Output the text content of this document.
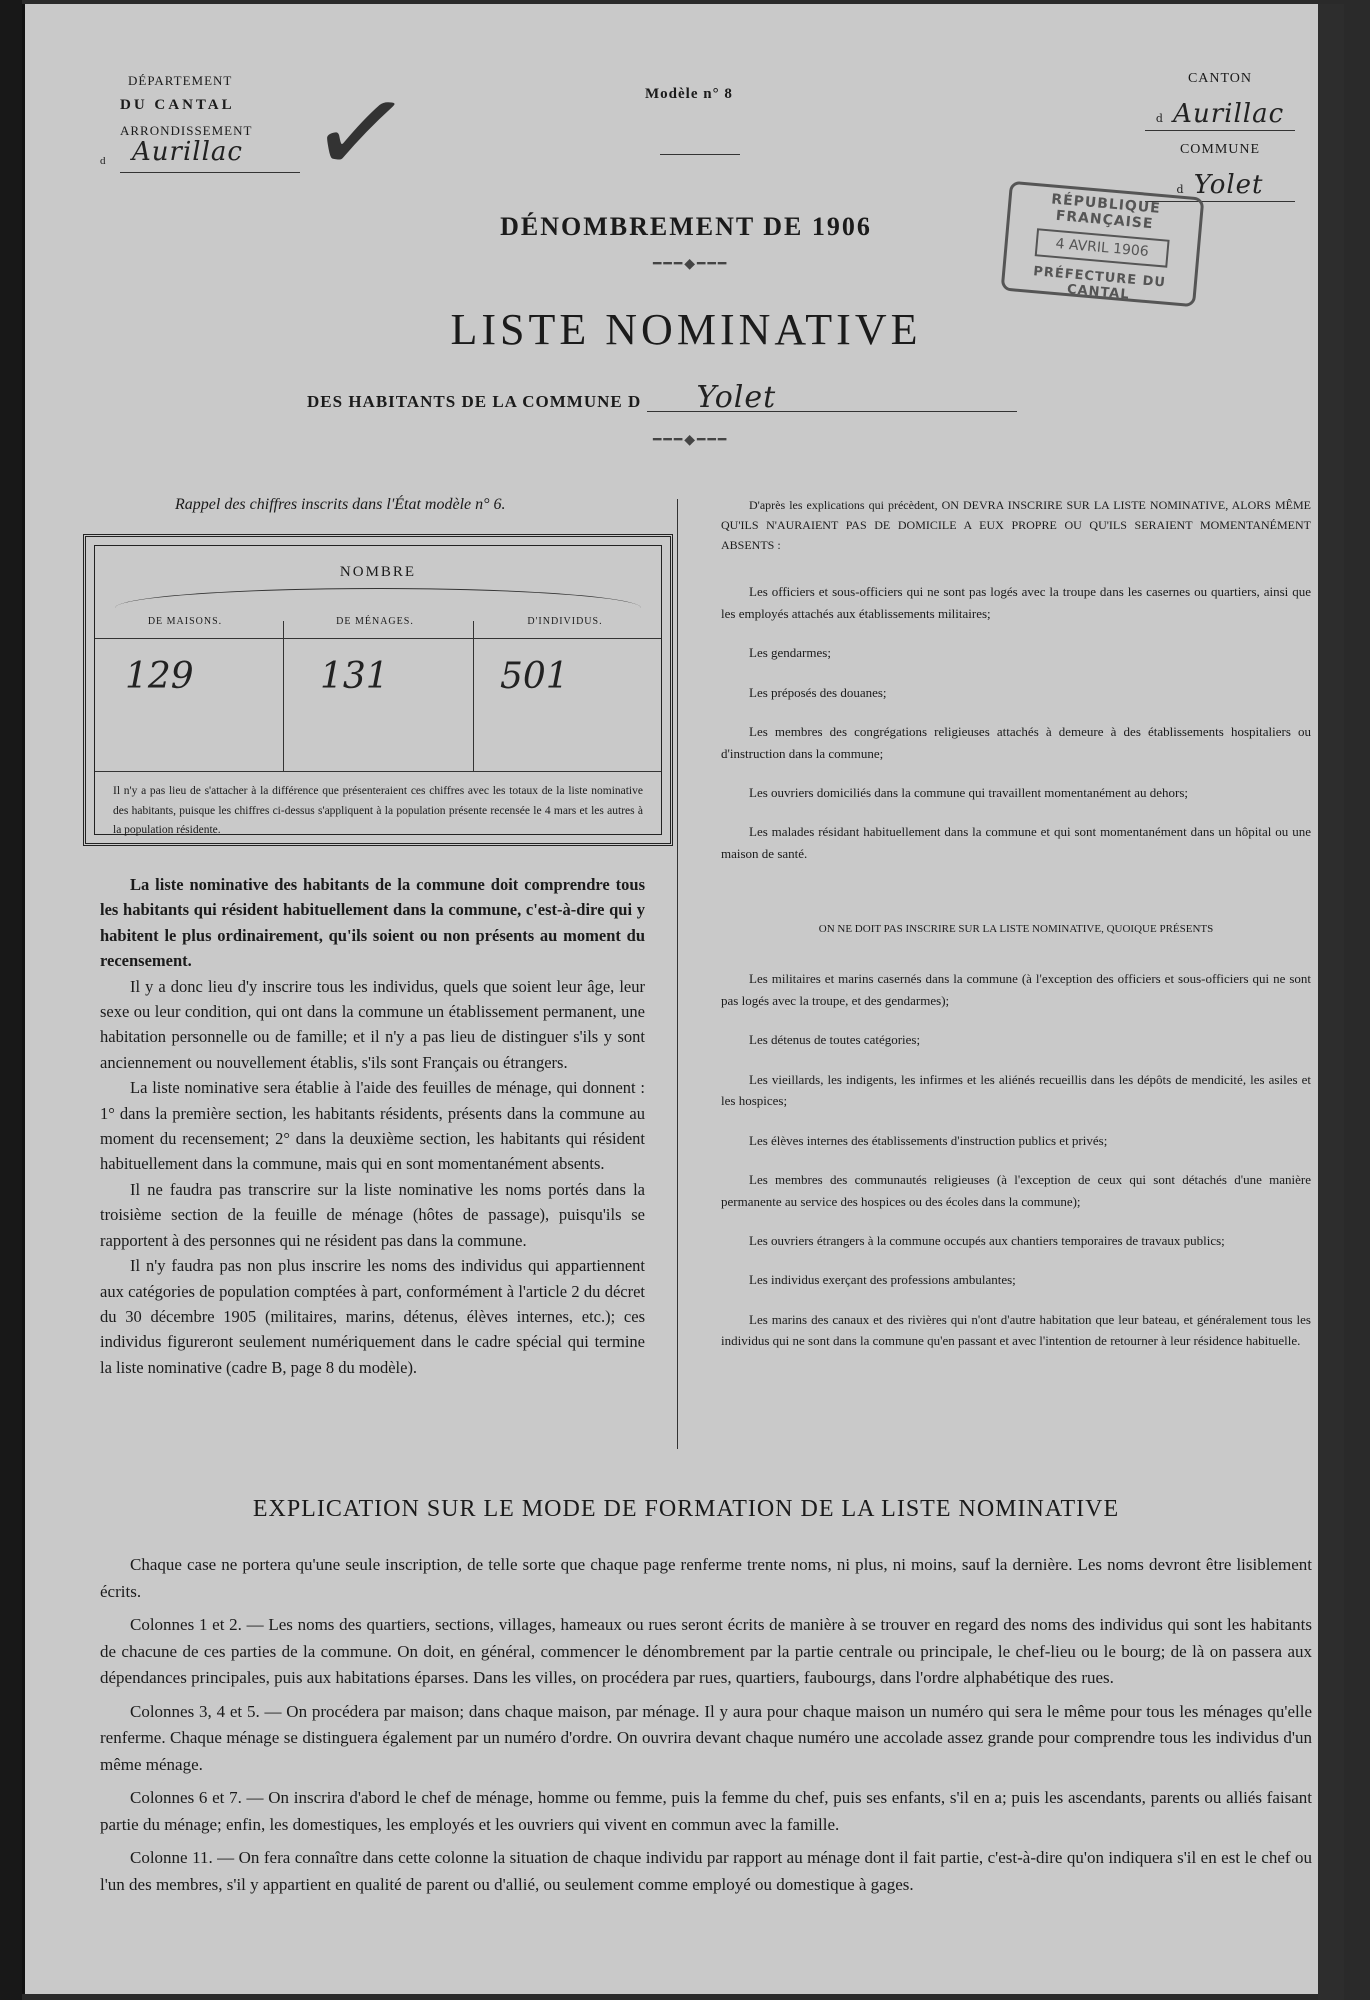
DÉPARTEMENT
DU CANTAL
ARRONDISSEMENT
d Aurillac ✓	Modèle n° 8
CANTON
d Aurillac
COMMUNE
d Yolet
RÉPUBLIQUE FRANÇAISE
4 AVRIL 1906
PRÉFECTURE DU CANTAL
DÉNOMBREMENT DE 1906
━━━◆━━━
LISTE NOMINATIVE
DES HABITANTS DE LA COMMUNE D Yolet
━━━◆━━━
Rappel des chiffres inscrits dans l'État modèle n° 6.
NOMBRE
DE MAISONS.	DE MÉNAGES.	D'INDIVIDUS.
129	131	501
Il n'y a pas lieu de s'attacher à la différence que présenteraient ces chiffres avec les totaux de la liste nominative des habitants, puisque les chiffres ci-dessus s'appliquent à la population présente recensée le 4 mars et les autres à la population résidente.

La liste nominative des habitants de la commune doit comprendre tous les habitants qui résident habituellement dans la commune, c'est-à-dire qui y habitent le plus ordinairement, qu'ils soient ou non présents au moment du recensement.

Il y a donc lieu d'y inscrire tous les individus, quels que soient leur âge, leur sexe ou leur condition, qui ont dans la commune un établissement permanent, une habitation personnelle ou de famille; et il n'y a pas lieu de distinguer s'ils y sont anciennement ou nouvellement établis, s'ils sont Français ou étrangers.

La liste nominative sera établie à l'aide des feuilles de ménage, qui donnent : 1° dans la première section, les habitants résidents, présents dans la commune au moment du recensement; 2° dans la deuxième section, les habitants qui résident habituellement dans la commune, mais qui en sont momentanément absents.

Il ne faudra pas transcrire sur la liste nominative les noms portés dans la troisième section de la feuille de ménage (hôtes de passage), puisqu'ils se rapportent à des personnes qui ne résident pas dans la commune.

Il n'y faudra pas non plus inscrire les noms des individus qui appartiennent aux catégories de population comptées à part, conformément à l'article 2 du décret du 30 décembre 1905 (militaires, marins, détenus, élèves internes, etc.); ces individus figureront seulement numériquement dans le cadre spécial qui termine la liste nominative (cadre B, page 8 du modèle).

D'après les explications qui précèdent, ON DEVRA INSCRIRE SUR LA LISTE NOMINATIVE, ALORS MÊME QU'ILS N'AURAIENT PAS DE DOMICILE A EUX PROPRE OU QU'ILS SERAIENT MOMENTANÉMENT ABSENTS :

Les officiers et sous-officiers qui ne sont pas logés avec la troupe dans les casernes ou quartiers, ainsi que les employés attachés aux établissements militaires;

Les gendarmes;

Les préposés des douanes;

Les membres des congrégations religieuses attachés à demeure à des établissements hospitaliers ou d'instruction dans la commune;

Les ouvriers domiciliés dans la commune qui travaillent momentanément au dehors;

Les malades résidant habituellement dans la commune et qui sont momentanément dans un hôpital ou une maison de santé.

ON NE DOIT PAS INSCRIRE SUR LA LISTE NOMINATIVE, QUOIQUE PRÉSENTS

Les militaires et marins casernés dans la commune (à l'exception des officiers et sous-officiers qui ne sont pas logés avec la troupe, et des gendarmes);

Les détenus de toutes catégories;

Les vieillards, les indigents, les infirmes et les aliénés recueillis dans les dépôts de mendicité, les asiles et les hospices;

Les élèves internes des établissements d'instruction publics et privés;

Les membres des communautés religieuses (à l'exception de ceux qui sont détachés d'une manière permanente au service des hospices ou des écoles dans la commune);

Les ouvriers étrangers à la commune occupés aux chantiers temporaires de travaux publics;

Les individus exerçant des professions ambulantes;

Les marins des canaux et des rivières qui n'ont d'autre habitation que leur bateau, et généralement tous les individus qui ne sont dans la commune qu'en passant et avec l'intention de retourner à leur résidence habituelle.

EXPLICATION SUR LE MODE DE FORMATION DE LA LISTE NOMINATIVE

Chaque case ne portera qu'une seule inscription, de telle sorte que chaque page renferme trente noms, ni plus, ni moins, sauf la dernière. Les noms devront être lisiblement écrits.

Colonnes 1 et 2. — Les noms des quartiers, sections, villages, hameaux ou rues seront écrits de manière à se trouver en regard des noms des individus qui sont les habitants de chacune de ces parties de la commune. On doit, en général, commencer le dénombrement par la partie centrale ou principale, le chef-lieu ou le bourg; de là on passera aux dépendances principales, puis aux habitations éparses. Dans les villes, on procédera par rues, quartiers, faubourgs, dans l'ordre alphabétique des rues.

Colonnes 3, 4 et 5. — On procédera par maison; dans chaque maison, par ménage. Il y aura pour chaque maison un numéro qui sera le même pour tous les ménages qu'elle renferme. Chaque ménage se distinguera également par un numéro d'ordre. On ouvrira devant chaque numéro une accolade assez grande pour comprendre tous les individus d'un même ménage.

Colonnes 6 et 7. — On inscrira d'abord le chef de ménage, homme ou femme, puis la femme du chef, puis ses enfants, s'il en a; puis les ascendants, parents ou alliés faisant partie du ménage; enfin, les domestiques, les employés et les ouvriers qui vivent en commun avec la famille.

Colonne 11. — On fera connaître dans cette colonne la situation de chaque individu par rapport au ménage dont il fait partie, c'est-à-dire qu'on indiquera s'il en est le chef ou l'un des membres, s'il y appartient en qualité de parent ou d'allié, ou seulement comme employé ou domestique à gages.
